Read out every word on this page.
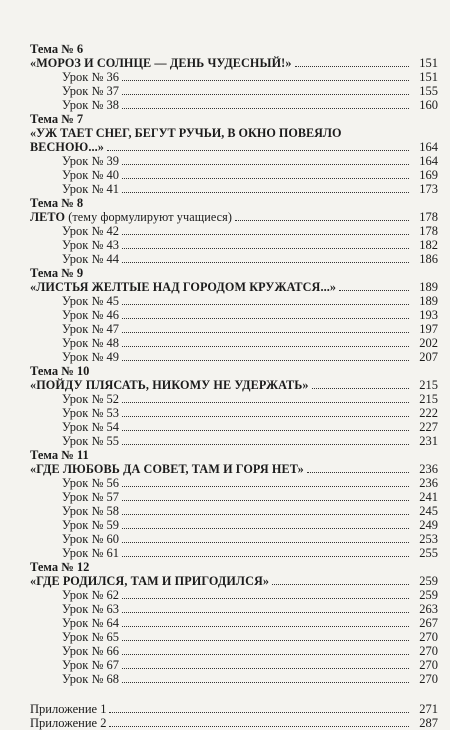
Тема № 6
«МОРОЗ И СОЛНЦЕ — ДЕНЬ ЧУДЕСНЫЙ!»	151
Урок № 36	151
Урок № 37	155
Урок № 38	160
Тема № 7
«УЖ ТАЕТ СНЕГ, БЕГУТ РУЧЬИ, В ОКНО ПОВЕЯЛО
ВЕСНОЮ...»	164
Урок № 39	164
Урок № 40	169
Урок № 41	173
Тема № 8
ЛЕТО (тему формулируют учащиеся)	178
Урок № 42	178
Урок № 43	182
Урок № 44	186
Тема № 9
«ЛИСТЬЯ ЖЕЛТЫЕ НАД ГОРОДОМ КРУЖАТСЯ...»	189
Урок № 45	189
Урок № 46	193
Урок № 47	197
Урок № 48	202
Урок № 49	207
Тема № 10
«ПОЙДУ ПЛЯСАТЬ, НИКОМУ НЕ УДЕРЖАТЬ»	215
Урок № 52	215
Урок № 53	222
Урок № 54	227
Урок № 55	231
Тема № 11
«ГДЕ ЛЮБОВЬ ДА СОВЕТ, ТАМ И ГОРЯ НЕТ»	236
Урок № 56	236
Урок № 57	241
Урок № 58	245
Урок № 59	249
Урок № 60	253
Урок № 61	255
Тема № 12
«ГДЕ РОДИЛСЯ, ТАМ И ПРИГОДИЛСЯ»	259
Урок № 62	259
Урок № 63	263
Урок № 64	267
Урок № 65	270
Урок № 66	270
Урок № 67	270
Урок № 68	270
Приложение 1	271
Приложение 2	287
